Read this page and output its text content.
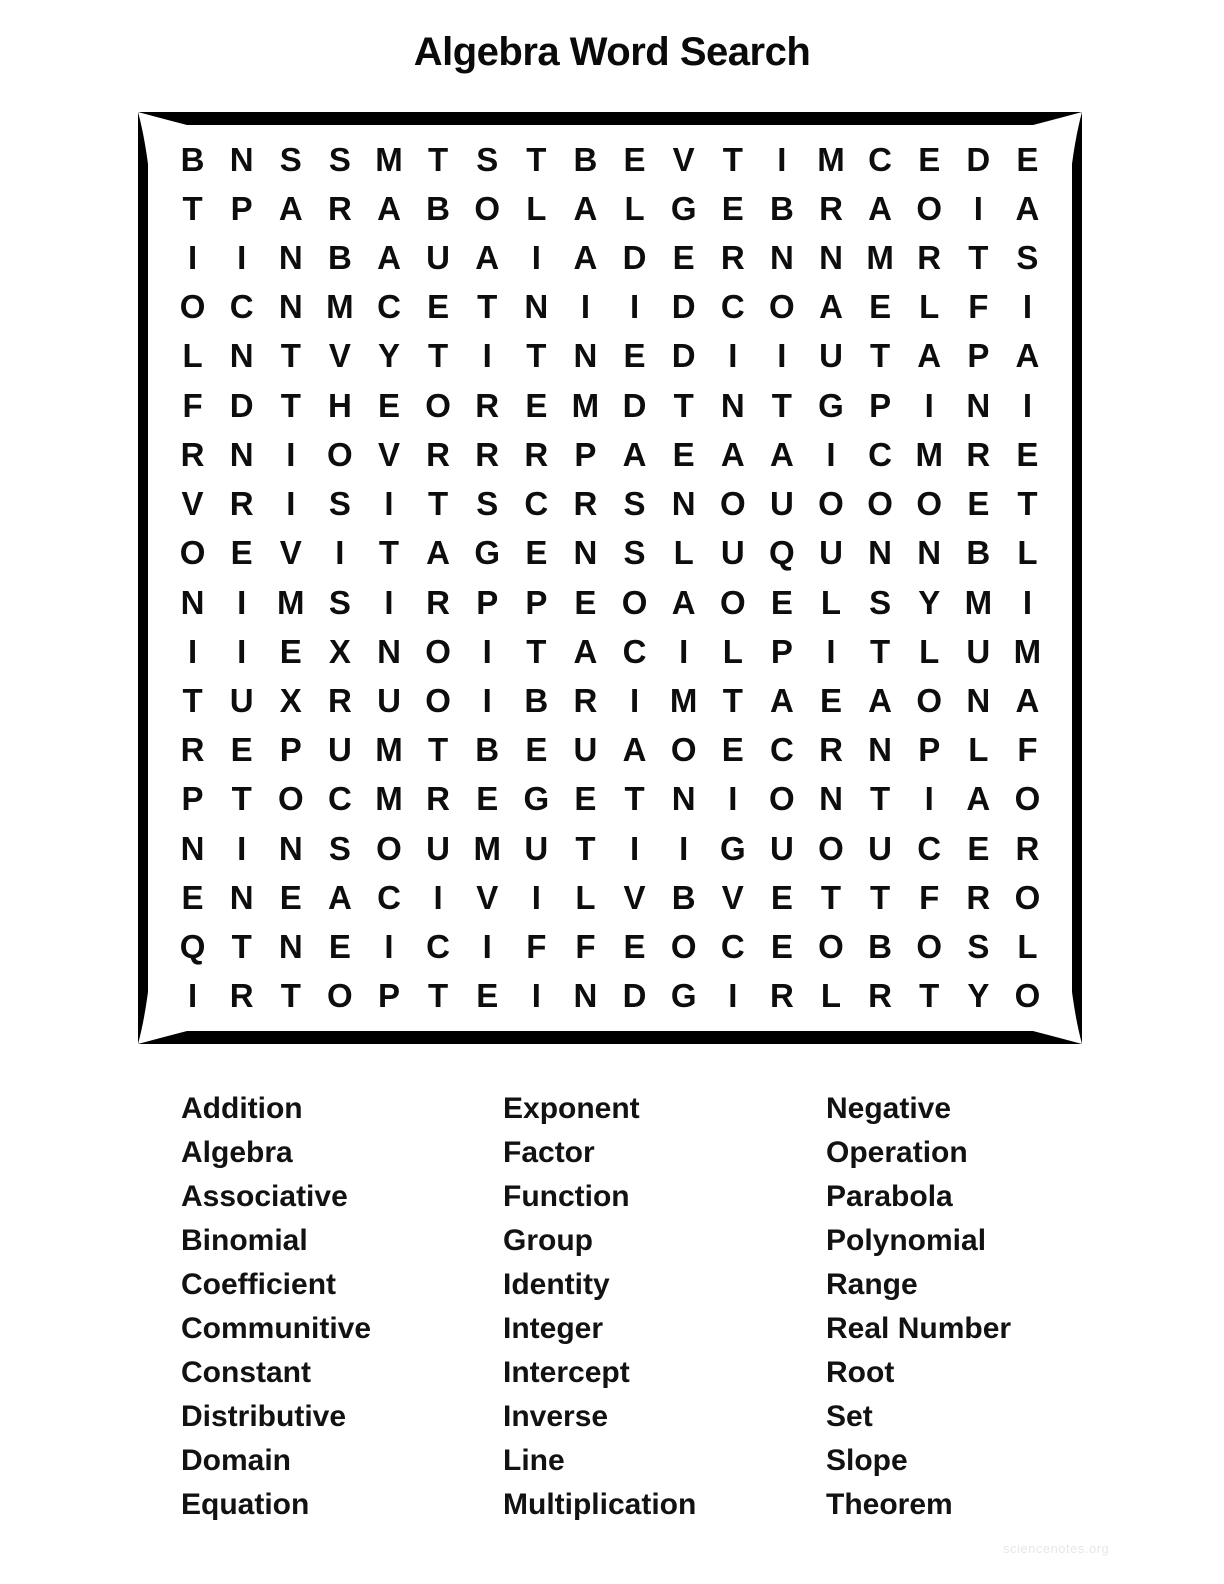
Algebra Word Search
B N S S M T S T B E V T	I M C E D E
T P A R A B O L A L G E B R A O I A
I	I N B A U A I A D E R N N M R T S
O C N M C E T N I	I D C O A E L F	I
L N T V Y T	I	T N E D I	I U T A P A
F D T H E O R E M D T N T G P	I N I
R N I O V R R R P A E A A I C M R E
V R I	S	I	T S C R S N O U O O O E T
O E V	I	T A G E N S L U Q U N N B L
N I M S	I R P P E O A O E L S Y M I
I	I	E X N O I	T A C I	L P	I	T L U M
T U X R U O I B R I M T A E A O N A
R E P U M T B E U A O E C R N P L F
P T O C M R E G E T N I O N T	I A O
N I N S O U M U T	I	I G U O U C E R
E N E A C I	V	I	L V B V E T T F R O
Q T N E	I C I	F F E O C E O B O S L
I R T O P T E	I N D G I R L R T Y O
Addition
Algebra
Associative
Binomial
Coefficient
Communitive
Constant
Distributive
Domain
Equation
Exponent
Factor
Function
Group
Identity
Integer
Intercept
Inverse
Line
Multiplication
Negative
Operation
Parabola
Polynomial
Range
Real Number
Root
Set
Slope
Theorem
sciencenotes.org
